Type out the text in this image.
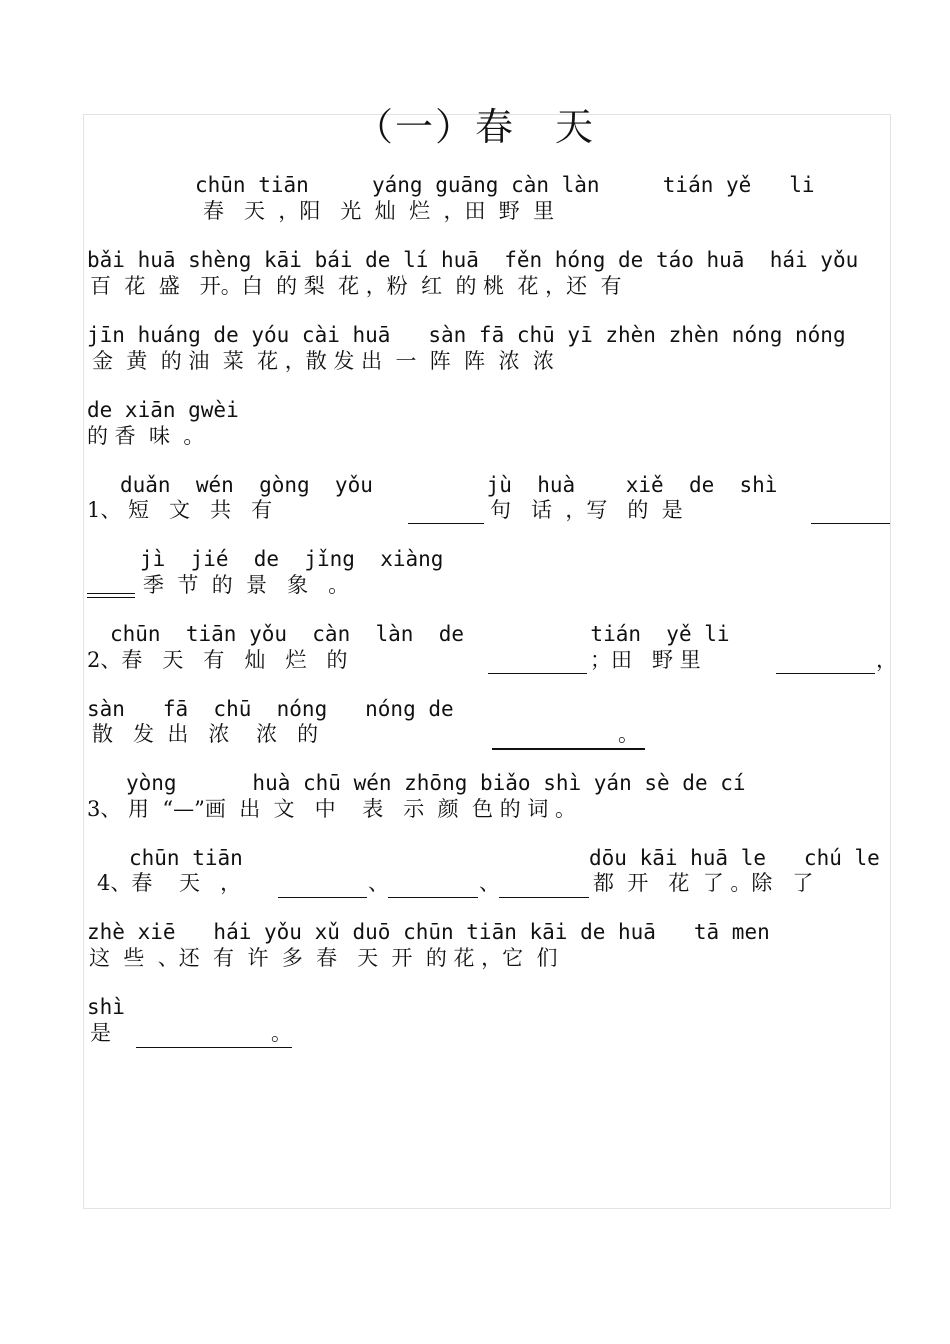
（一）春　天
chūn tiān     yáng guāng càn làn     tián yě   li
春   天  ，阳   光  灿  烂  ，田  野  里
bǎi huā shèng kāi bái de lí huā  fěn hóng de táo huā  hái yǒu
百  花  盛   开。白  的 梨  花 ，粉  红  的 桃  花 ，还  有
jīn huáng de yóu cài huā   sàn fā chū yī zhèn zhèn nóng nóng
金  黄  的 油  菜  花 ，散 发 出  一  阵  阵  浓  浓
de xiān gwèi
的 香  味  。
duǎn  wén  gòng  yǒu         jù  huà    xiě  de  shì
1、 短   文   共   有	句   话  ，写   的  是
jì  jié  de  jǐng  xiàng
季  节  的  景   象   。
chūn  tiān yǒu  càn  làn  de          tián  yě li
2、春   天   有   灿   烂   的	；田   野 里	，
sàn   fā  chū  nóng   nóng de
散   发  出   浓    浓   的	。
yòng      huà chū wén zhōng biǎo shì yán sè de cí
3、 用  “—”画  出  文   中    表   示  颜  色 的 词 。
chūn tiān	dōu kāi huā le   chú le
4、春    天   ，	、	、	都  开   花  了 。除   了
zhè xiē   hái yǒu xǔ duō chūn tiān kāi de huā   tā men
这  些  、还  有  许  多  春   天  开  的 花 ，它  们
shì
是	。
